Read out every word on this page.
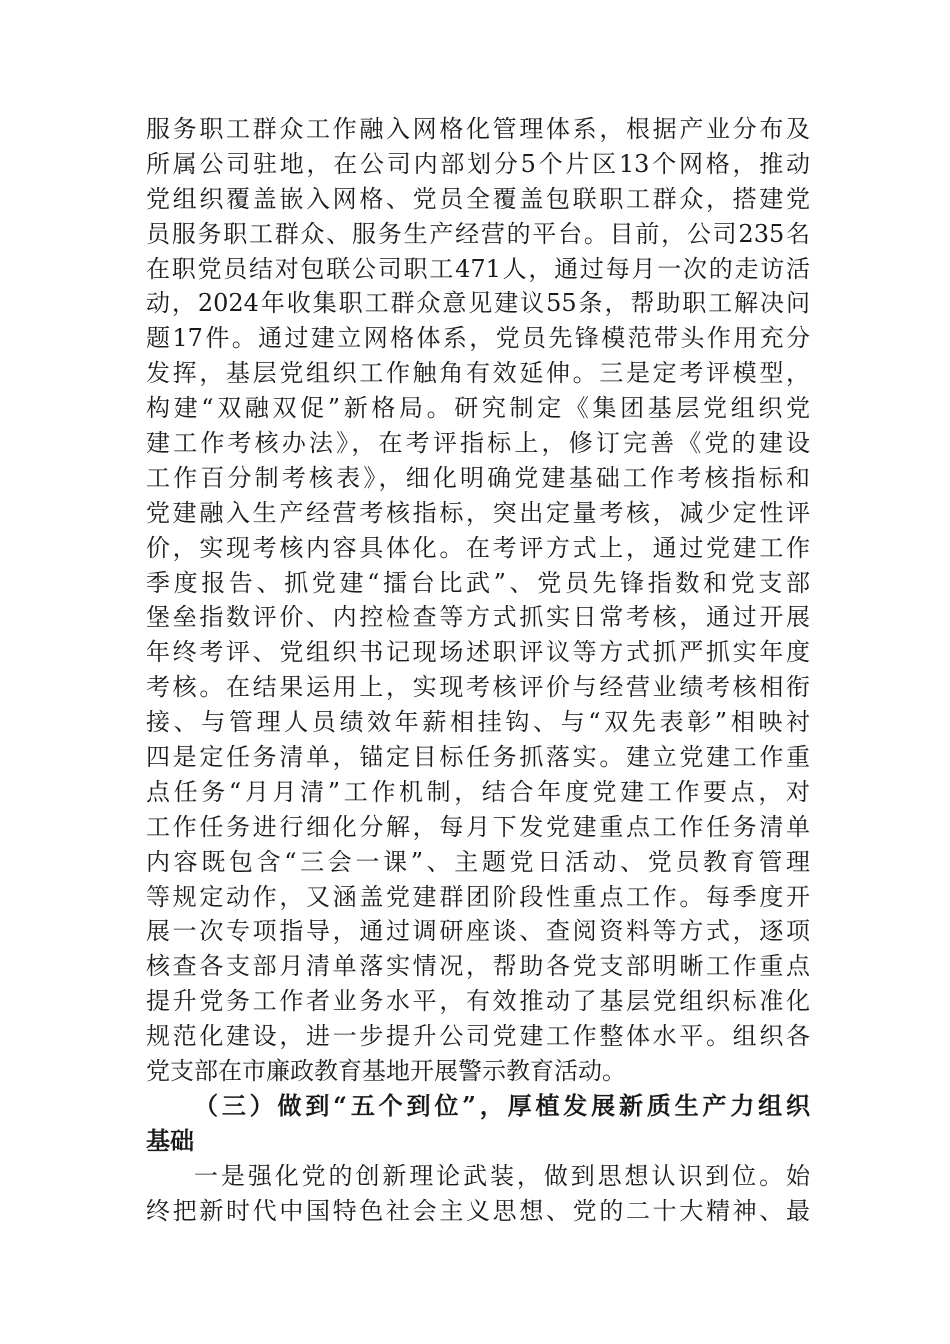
服务职工群众工作融入网格化管理体系，根据产业分布及
所属公司驻地，在公司内部划分5个片区13个网格，推动
党组织覆盖嵌入网格、党员全覆盖包联职工群众，搭建党
员服务职工群众、服务生产经营的平台。目前，公司235名
在职党员结对包联公司职工471人，通过每月一次的走访活
动，2024年收集职工群众意见建议55条，帮助职工解决问
题17件。通过建立网格体系，党员先锋模范带头作用充分
发挥，基层党组织工作触角有效延伸。三是定考评模型，
构建“双融双促”新格局。研究制定《集团基层党组织党
建工作考核办法》，在考评指标上，修订完善《党的建设
工作百分制考核表》，细化明确党建基础工作考核指标和
党建融入生产经营考核指标，突出定量考核，减少定性评
价，实现考核内容具体化。在考评方式上，通过党建工作
季度报告、抓党建“擂台比武”、党员先锋指数和党支部
堡垒指数评价、内控检查等方式抓实日常考核，通过开展
年终考评、党组织书记现场述职评议等方式抓严抓实年度
考核。在结果运用上，实现考核评价与经营业绩考核相衔
接、与管理人员绩效年薪相挂钩、与“双先表彰”相映衬
四是定任务清单，锚定目标任务抓落实。建立党建工作重
点任务“月月清”工作机制，结合年度党建工作要点，对
工作任务进行细化分解，每月下发党建重点工作任务清单
内容既包含“三会一课”、主题党日活动、党员教育管理
等规定动作，又涵盖党建群团阶段性重点工作。每季度开
展一次专项指导，通过调研座谈、查阅资料等方式，逐项
核查各支部月清单落实情况，帮助各党支部明晰工作重点
提升党务工作者业务水平，有效推动了基层党组织标准化
规范化建设，进一步提升公司党建工作整体水平。组织各
党支部在市廉政教育基地开展警示教育活动。
（三）做到“五个到位”，厚植发展新质生产力组织
基础
一是强化党的创新理论武装，做到思想认识到位。始
终把新时代中国特色社会主义思想、党的二十大精神、最
